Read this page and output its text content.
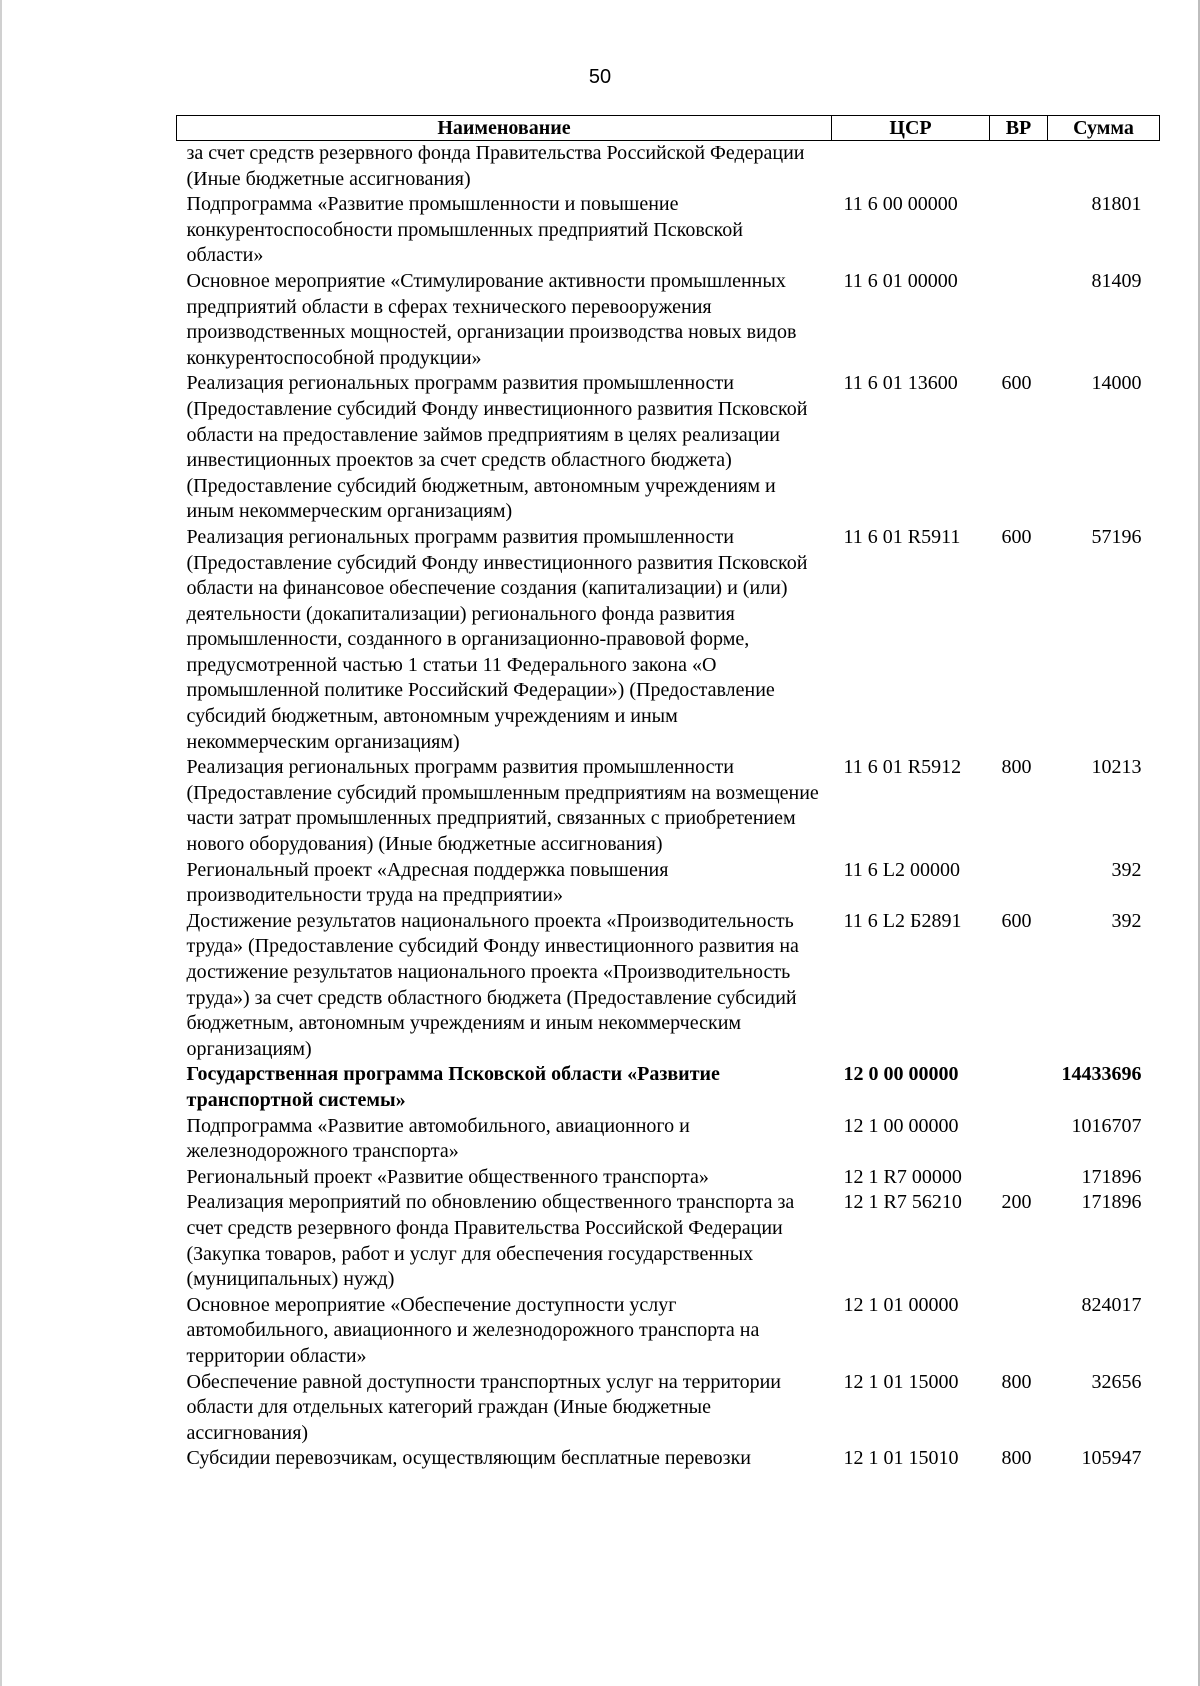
50
Наименование	ЦСР	ВР	Сумма
за счет средств резервного фонда Правительства Российской Федерации (Иные бюджетные ассигнования)			
Подпрограмма «Развитие промышленности и повышение конкурентоспособности промышленных предприятий Псковской области»	11 6 00 00000		81801
Основное мероприятие «Стимулирование активности промышленных предприятий области в сферах технического перевооружения производственных мощностей, организации производства новых видов конкурентоспособной продукции»	11 6 01 00000		81409
Реализация региональных программ развития промышленности (Предоставление субсидий Фонду инвестиционного развития Псковской области на предоставление займов предприятиям в целях реализации инвестиционных проектов за счет средств областного бюджета) (Предоставление субсидий бюджетным, автономным учреждениям и иным некоммерческим организациям)	11 6 01 13600	600	14000
Реализация региональных программ развития промышленности (Предоставление субсидий Фонду инвестиционного развития Псковской области на финансовое обеспечение создания (капитализации) и (или) деятельности (докапитализации) регионального фонда развития промышленности, созданного в организационно-правовой форме, предусмотренной частью 1 статьи 11 Федерального закона «О промышленной политике Российский Федерации») (Предоставление субсидий бюджетным, автономным учреждениям и иным некоммерческим организациям)	11 6 01 R5911	600	57196
Реализация региональных программ развития промышленности (Предоставление субсидий промышленным предприятиям на возмещение части затрат промышленных предприятий, связанных с приобретением нового оборудования) (Иные бюджетные ассигнования)	11 6 01 R5912	800	10213
Региональный проект «Адресная поддержка повышения производительности труда на предприятии»	11 6 L2 00000		392
Достижение результатов национального проекта «Производительность труда» (Предоставление субсидий Фонду инвестиционного развития на достижение результатов национального проекта «Производительность труда») за счет средств областного бюджета (Предоставление субсидий бюджетным, автономным учреждениям и иным некоммерческим организациям)	11 6 L2 Б2891	600	392
Государственная программа Псковской области «Развитие транспортной системы»	12 0 00 00000		14433696
Подпрограмма «Развитие автомобильного, авиационного и железнодорожного транспорта»	12 1 00 00000		1016707
Региональный проект «Развитие общественного транспорта»	12 1 R7 00000		171896
Реализация мероприятий по обновлению общественного транспорта за счет средств резервного фонда Правительства Российской Федерации (Закупка товаров, работ и услуг для обеспечения государственных (муниципальных) нужд)	12 1 R7 56210	200	171896
Основное мероприятие «Обеспечение доступности услуг автомобильного, авиационного и железнодорожного транспорта на территории области»	12 1 01 00000		824017
Обеспечение равной доступности транспортных услуг на территории области для отдельных категорий граждан (Иные бюджетные ассигнования)	12 1 01 15000	800	32656
Субсидии перевозчикам, осуществляющим бесплатные перевозки	12 1 01 15010	800	105947
